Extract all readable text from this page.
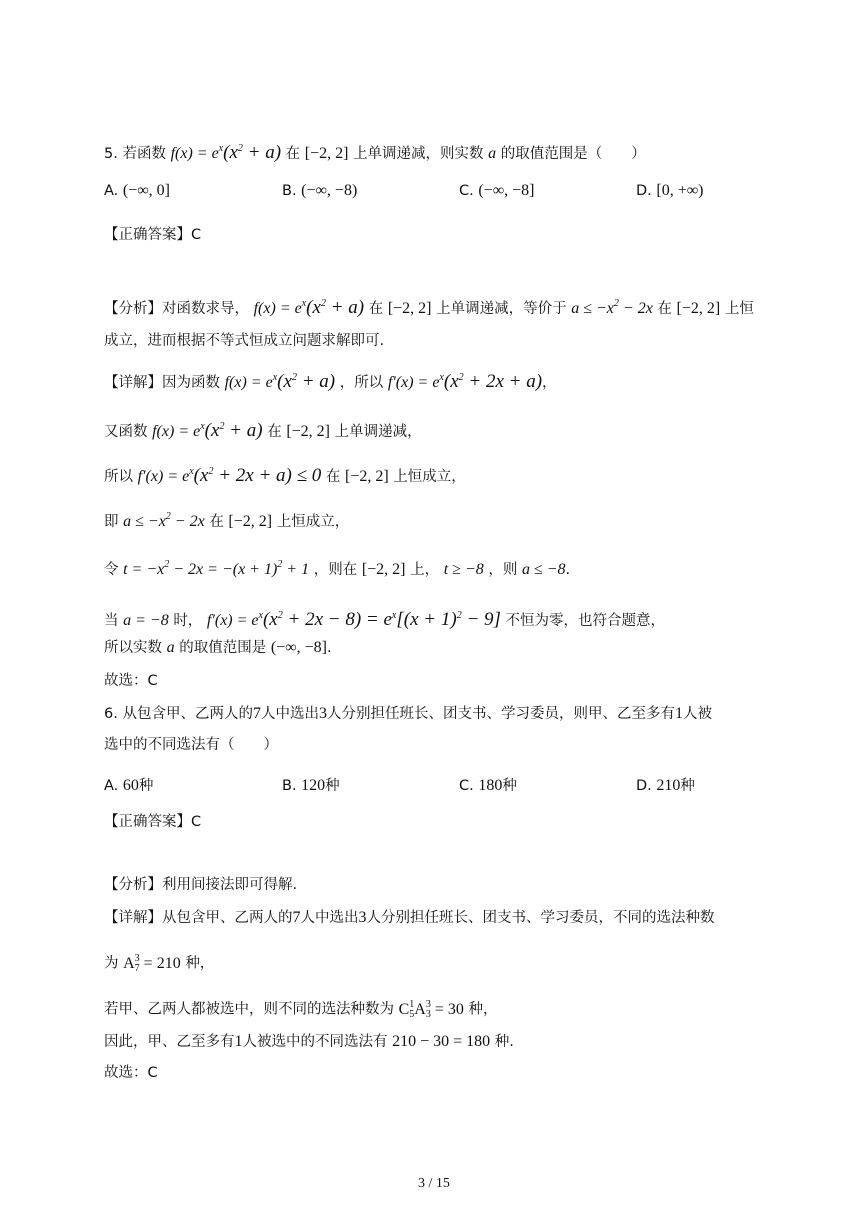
5. 若函数 $f(x) = e^x(x^2 + a)$ 在 [−2, 2] 上单调递减，则实数 a 的取值范围是（　　）
A. (−∞, 0]	B. (−∞, −8)	C. (−∞, −8]	D. [0, +∞)
【正确答案】C
【分析】对函数求导， $f(x) = e^x(x^2 + a)$ 在 [−2, 2] 上单调递减，等价于 $a \le -x^2 - 2x$ 在 [−2, 2] 上恒
成立，进而根据不等式恒成立问题求解即可.
【详解】因为函数 $f(x) = e^x(x^2 + a)$ ，所以 $f'(x) = e^x(x^2 + 2x + a)$，
又函数 $f(x) = e^x(x^2 + a)$ 在 [−2, 2] 上单调递减，
所以 $f'(x) = e^x(x^2 + 2x + a) \le 0$ 在 [−2, 2] 上恒成立，
即 $a \le -x^2 - 2x$ 在 [−2, 2] 上恒成立，
令 $t = -x^2 - 2x = -(x + 1)^2 + 1$ ，则在 [−2, 2] 上， t ≥ −8 ，则 a ≤ −8.
当 a = −8 时， $f'(x) = e^x(x^2 + 2x - 8) = e^x[(x + 1)^2 - 9]$ 不恒为零，也符合题意，
所以实数 a 的取值范围是 (−∞, −8].
故选：C
6. 从包含甲、乙两人的7人中选出3人分别担任班长、团支书、学习委员，则甲、乙至多有1人被
选中的不同选法有（　　）
A. 60种	B. 120种	C. 180种	D. 210种
【正确答案】C
【分析】利用间接法即可得解.
【详解】从包含甲、乙两人的7人中选出3人分别担任班长、团支书、学习委员，不同的选法种数
为 A 3
7 = 210 种，
若甲、乙两人都被选中，则不同的选法种数为 C 1
5 A 3
3 = 30 种，
因此，甲、乙至多有1人被选中的不同选法有 210 − 30 = 180 种.
故选：C
3 / 15
